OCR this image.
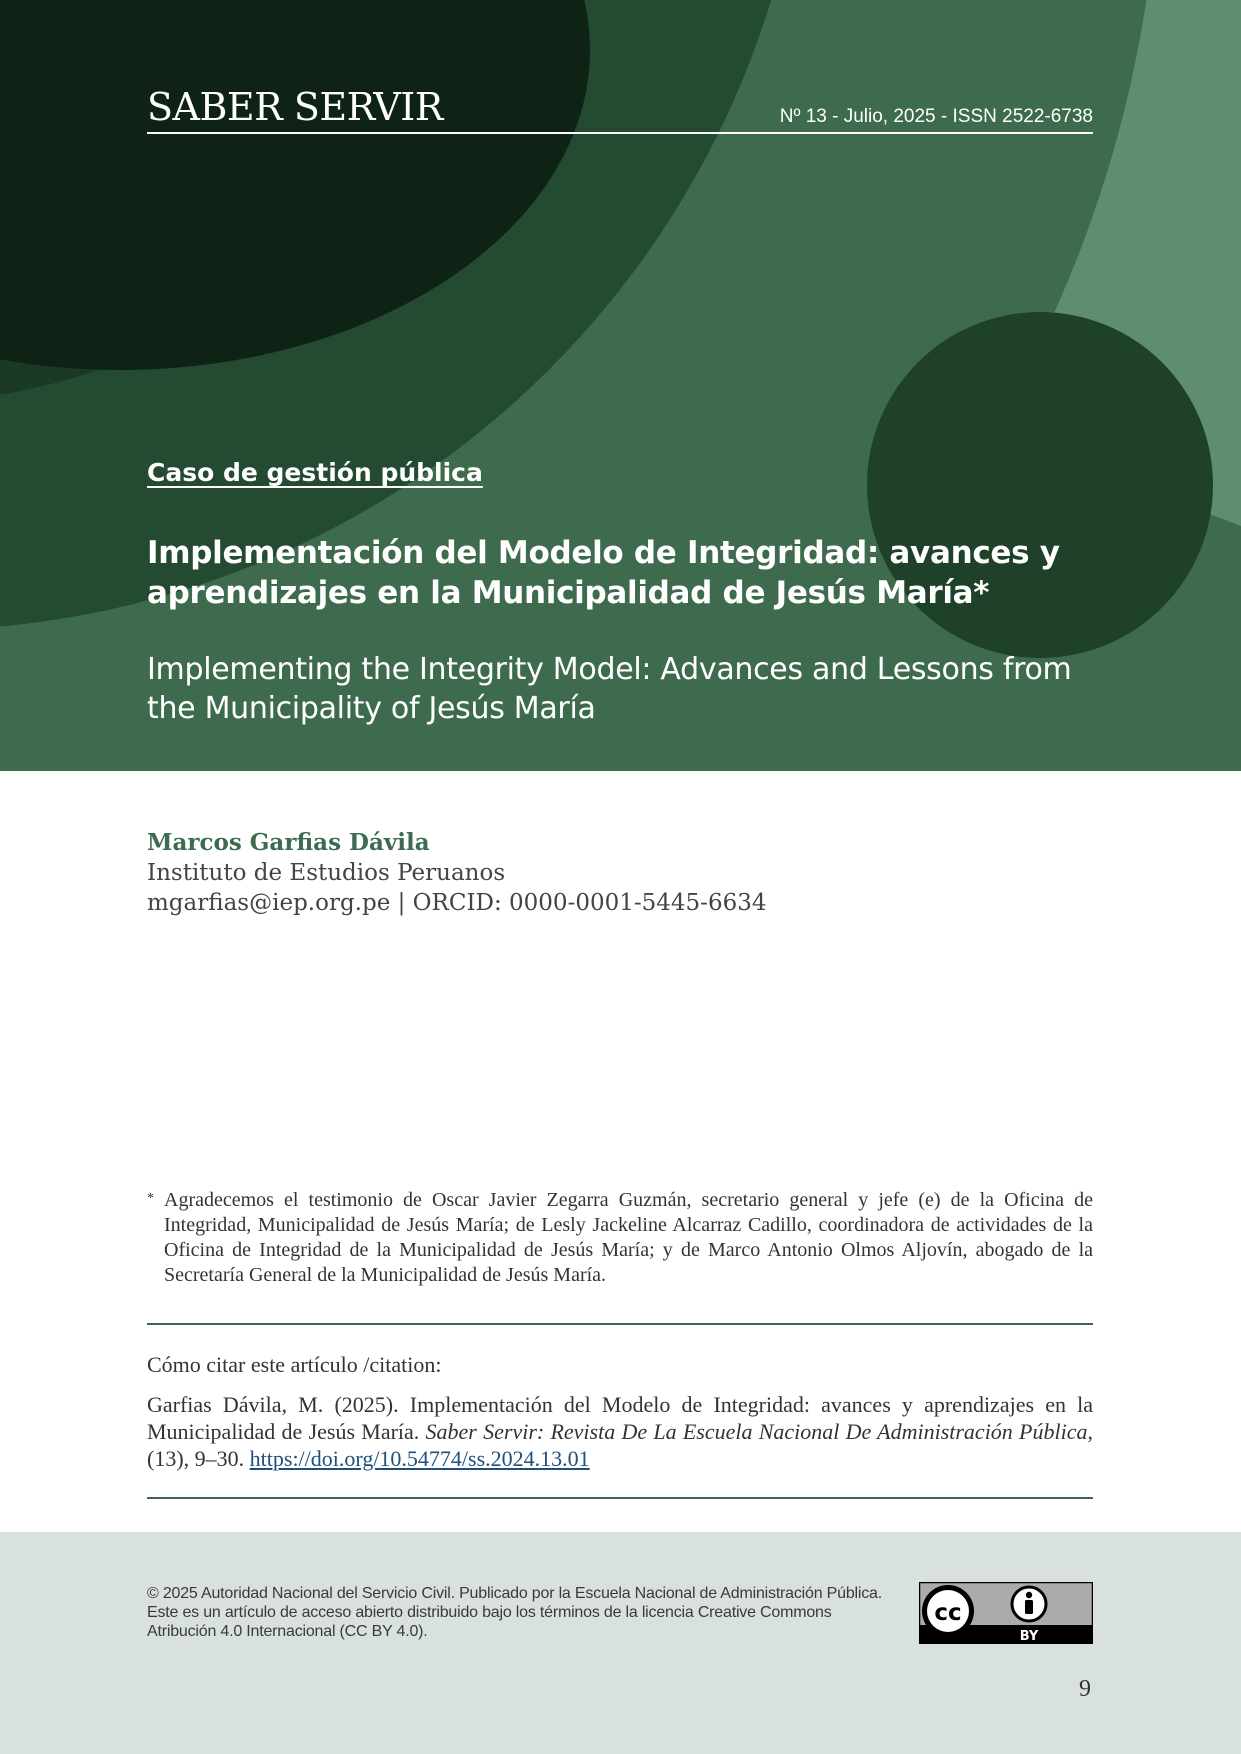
SABER SERVIR	Nº 13 - Julio, 2025 - ISSN 2522-6738
Caso de gestión pública
Implementación del Modelo de Integridad: avances y aprendizajes en la Municipalidad de Jesús María*
Implementing the Integrity Model: Advances and Lessons from the Municipality of Jesús María
Marcos Garfias Dávila
Instituto de Estudios Peruanos
mgarfias@iep.org.pe | ORCID: 0000-0001-5445-6634
* Agradecemos el testimonio de Oscar Javier Zegarra Guzmán, secretario general y jefe (e) de la Oficina de Integridad, Municipalidad de Jesús María; de Lesly Jackeline Alcarraz Cadillo, coordinadora de actividades de la Oficina de Integridad de la Municipalidad de Jesús María; y de Marco Antonio Olmos Aljovín, abogado de la Secretaría General de la Municipalidad de Jesús María.
Cómo citar este artículo /citation:
Garfias Dávila, M. (2025). Implementación del Modelo de Integridad: avances y aprendizajes en la Municipalidad de Jesús María. Saber Servir: Revista De La Escuela Nacional De Administración Pública, (13), 9–30. https://doi.org/10.54774/ss.2024.13.01
© 2025 Autoridad Nacional del Servicio Civil. Publicado por la Escuela Nacional de Administración Pública. Este es un artículo de acceso abierto distribuido bajo los términos de la licencia Creative Commons Atribución 4.0 Internacional (CC BY 4.0).
cc
BY
9
